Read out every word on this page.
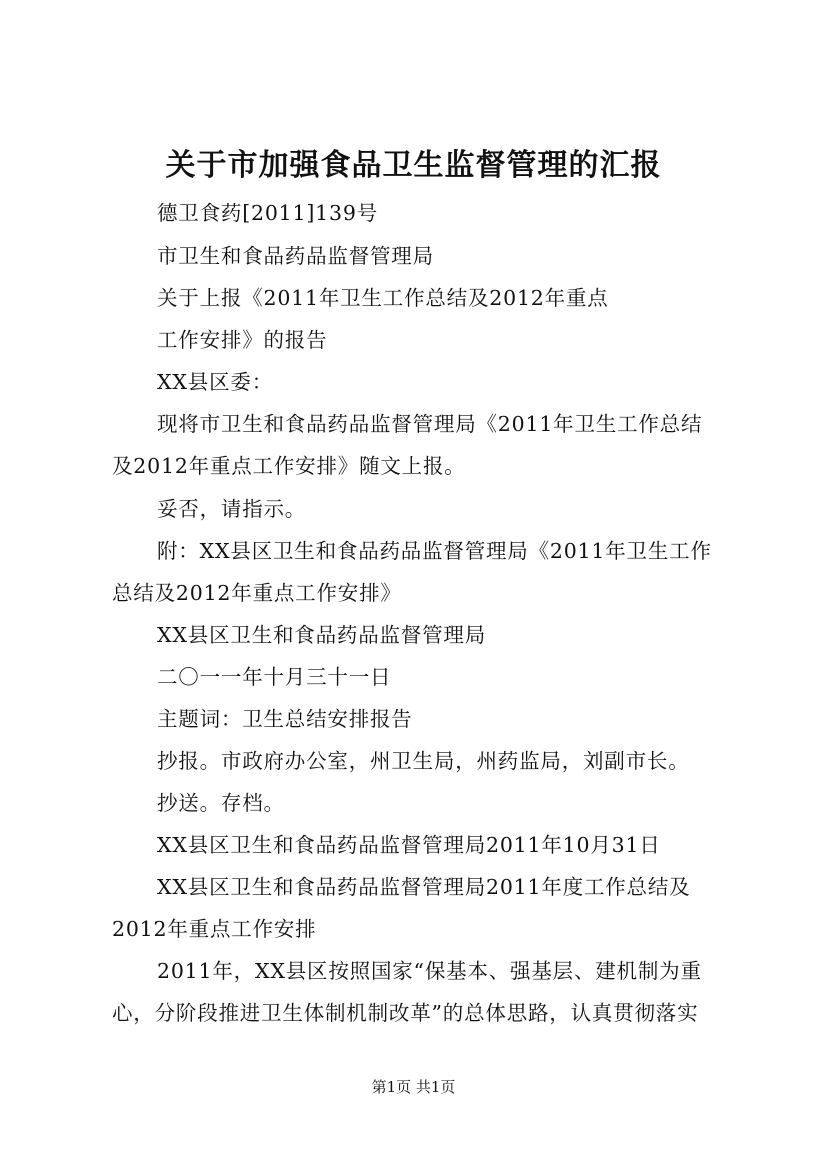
关于市加强食品卫生监督管理的汇报
德卫食药[2011]139号
市卫生和食品药品监督管理局
关于上报《2011年卫生工作总结及2012年重点
工作安排》的报告
XX县区委：
现将市卫生和食品药品监督管理局《2011年卫生工作总结
及2012年重点工作安排》随文上报。
妥否，请指示。
附：XX县区卫生和食品药品监督管理局《2011年卫生工作
总结及2012年重点工作安排》
XX县区卫生和食品药品监督管理局
二〇一一年十月三十一日
主题词：卫生总结安排报告
抄报。市政府办公室，州卫生局，州药监局，刘副市长。
抄送。存档。
XX县区卫生和食品药品监督管理局2011年10月31日
XX县区卫生和食品药品监督管理局2011年度工作总结及
2012年重点工作安排
2011年，XX县区按照国家“保基本、强基层、建机制为重
心，分阶段推进卫生体制机制改革”的总体思路，认真贯彻落实
第1页 共1页
